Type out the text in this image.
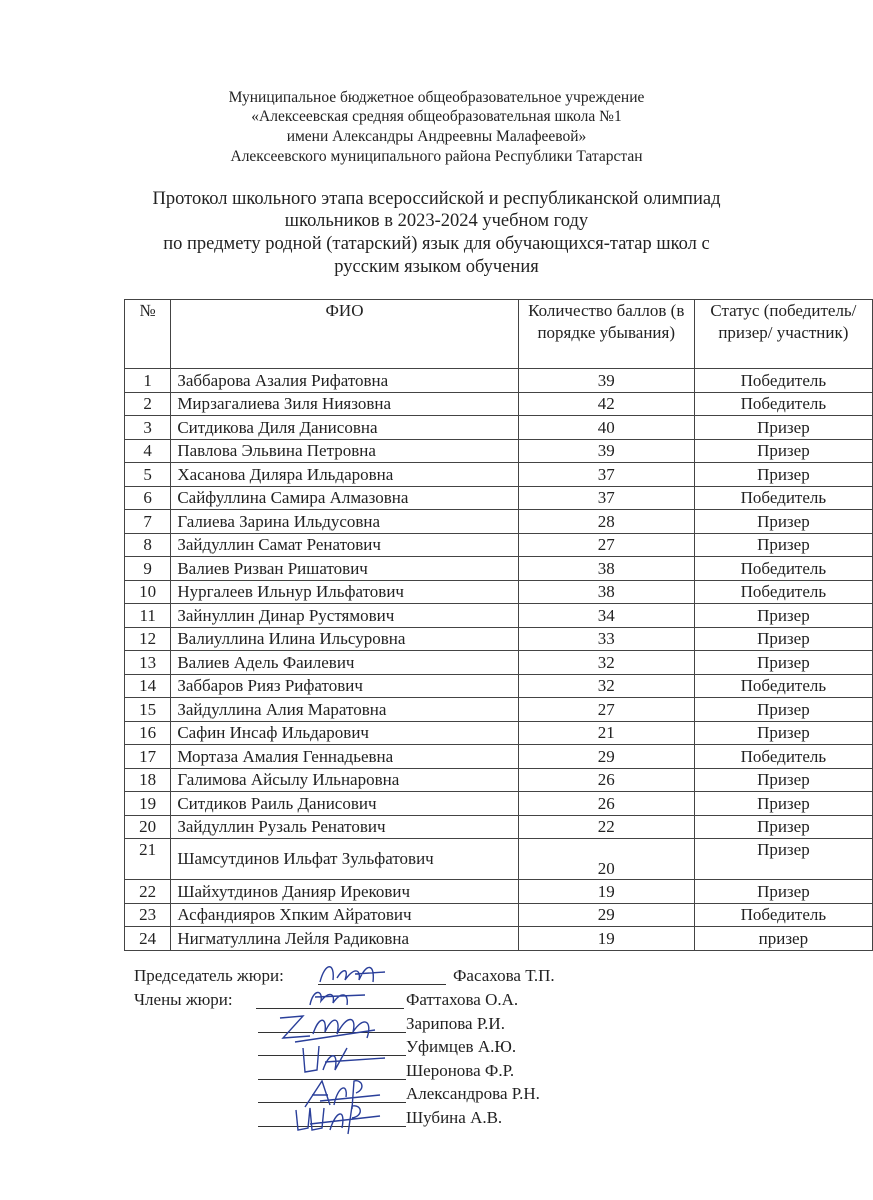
Муниципальное бюджетное общеобразовательное учреждение
«Алексеевская средняя общеобразовательная школа №1
имени Александры Андреевны Малафеевой»
Алексеевского муниципального района Республики Татарстан
Протокол школьного этапа всероссийской и республиканской олимпиад
школьников в 2023-2024 учебном году
по предмету родной (татарский) язык для обучающихся-татар школ с
русским языком обучения
№	ФИО	Количество баллов (в порядке убывания)	Статус (победитель/ призер/ участник)
1	Заббарова Азалия Рифатовна	39	Победитель
2	Мирзагалиева Зиля Ниязовна	42	Победитель
3	Ситдикова Диля Данисовна	40	Призер
4	Павлова Эльвина Петровна	39	Призер
5	Хасанова Диляра Ильдаровна	37	Призер
6	Сайфуллина Самира Алмазовна	37	Победитель
7	Галиева Зарина Ильдусовна	28	Призер
8	Зайдуллин Самат Ренатович	27	Призер
9	Валиев Ризван Ришатович	38	Победитель
10	Нургалеев Ильнур Ильфатович	38	Победитель
11	Зайнуллин Динар Рустямович	34	Призер
12	Валиуллина Илина Ильсуровна	33	Призер
13	Валиев Адель Фаилевич	32	Призер
14	Заббаров Рияз Рифатович	32	Победитель
15	Зайдуллина Алия Маратовна	27	Призер
16	Сафин Инсаф Ильдарович	21	Призер
17	Мортаза Амалия Геннадьевна	29	Победитель
18	Галимова Айсылу Ильнаровна	26	Призер
19	Ситдиков Раиль Данисович	26	Призер
20	Зайдуллин Рузаль Ренатович	22	Призер
21	Шамсутдинов Ильфат Зульфатович	20	Призер
22	Шайхутдинов Данияр Ирекович	19	Призер
23	Асфандияров Хпким Айратович	29	Победитель
24	Нигматуллина Лейля Радиковна	19	призер
Председатель жюри:	Фасахова Т.П.
Члены жюри:	Фаттахова О.А.
Зарипова Р.И.
Уфимцев А.Ю.
Шеронова Ф.Р.
Александрова Р.Н.
Шубина А.В.
